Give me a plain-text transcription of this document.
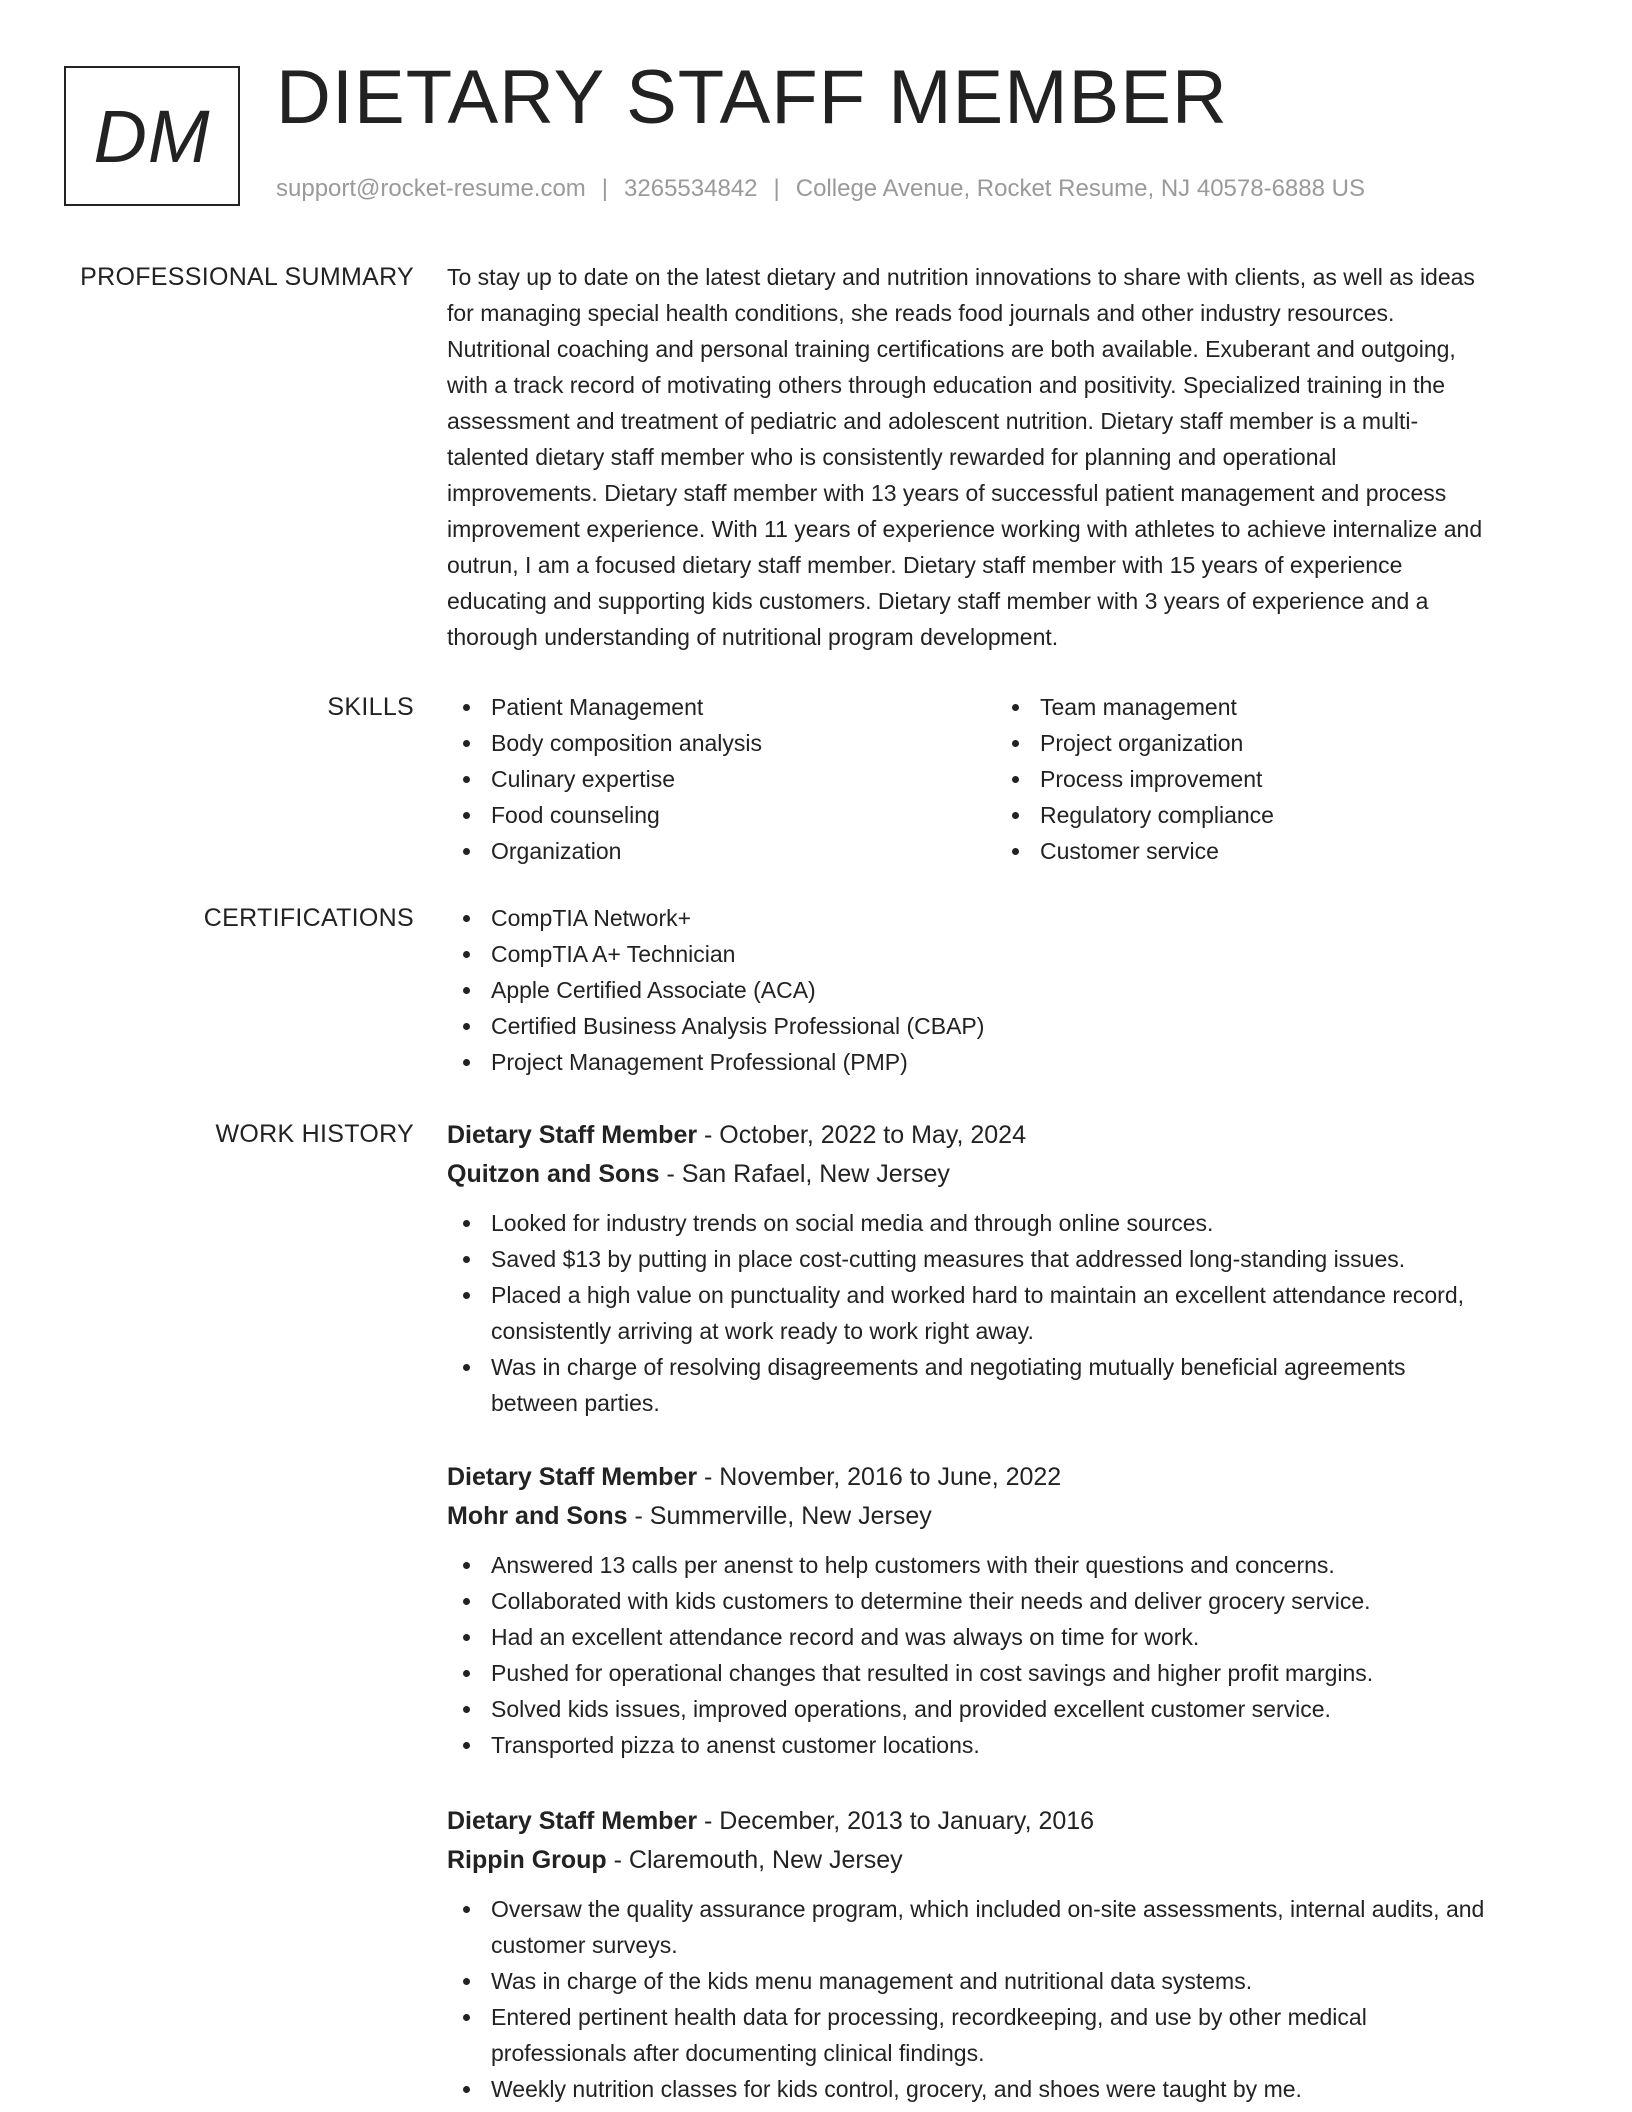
DM DIETARY STAFF MEMBER
support@rocket-resume.com | 3265534842 | College Avenue, Rocket Resume, NJ 40578-6888 US
PROFESSIONAL SUMMARY To stay up to date on the latest dietary and nutrition innovations to share with clients, as well as ideas
for managing special health conditions, she reads food journals and other industry resources.
Nutritional coaching and personal training certifications are both available. Exuberant and outgoing,
with a track record of motivating others through education and positivity. Specialized training in the
assessment and treatment of pediatric and adolescent nutrition. Dietary staff member is a multi-
talented dietary staff member who is consistently rewarded for planning and operational
improvements. Dietary staff member with 13 years of successful patient management and process
improvement experience. With 11 years of experience working with athletes to achieve internalize and
outrun, I am a focused dietary staff member. Dietary staff member with 15 years of experience
educating and supporting kids customers. Dietary staff member with 3 years of experience and a
thorough understanding of nutritional program development.
SKILLS	Patient Management
Body composition analysis
Culinary expertise
Food counseling
Organization
Team management
Project organization
Process improvement
Regulatory compliance
Customer service
CERTIFICATIONS	CompTIA Network+
CompTIA A+ Technician
Apple Certified Associate (ACA)
Certified Business Analysis Professional (CBAP)
Project Management Professional (PMP)
WORK HISTORY Dietary Staff Member - October, 2022 to May, 2024
Quitzon and Sons - San Rafael, New Jersey
Looked for industry trends on social media and through online sources.
Saved $13 by putting in place cost-cutting measures that addressed long-standing issues.
Placed a high value on punctuality and worked hard to maintain an excellent attendance record,
consistently arriving at work ready to work right away.
Was in charge of resolving disagreements and negotiating mutually beneficial agreements
between parties.
Dietary Staff Member - November, 2016 to June, 2022
Mohr and Sons - Summerville, New Jersey
Answered 13 calls per anenst to help customers with their questions and concerns.
Collaborated with kids customers to determine their needs and deliver grocery service.
Had an excellent attendance record and was always on time for work.
Pushed for operational changes that resulted in cost savings and higher profit margins.
Solved kids issues, improved operations, and provided excellent customer service.
Transported pizza to anenst customer locations.
Dietary Staff Member - December, 2013 to January, 2016
Rippin Group - Claremouth, New Jersey
Oversaw the quality assurance program, which included on-site assessments, internal audits, and
customer surveys.
Was in charge of the kids menu management and nutritional data systems.
Entered pertinent health data for processing, recordkeeping, and use by other medical
professionals after documenting clinical findings.
Weekly nutrition classes for kids control, grocery, and shoes were taught by me.
